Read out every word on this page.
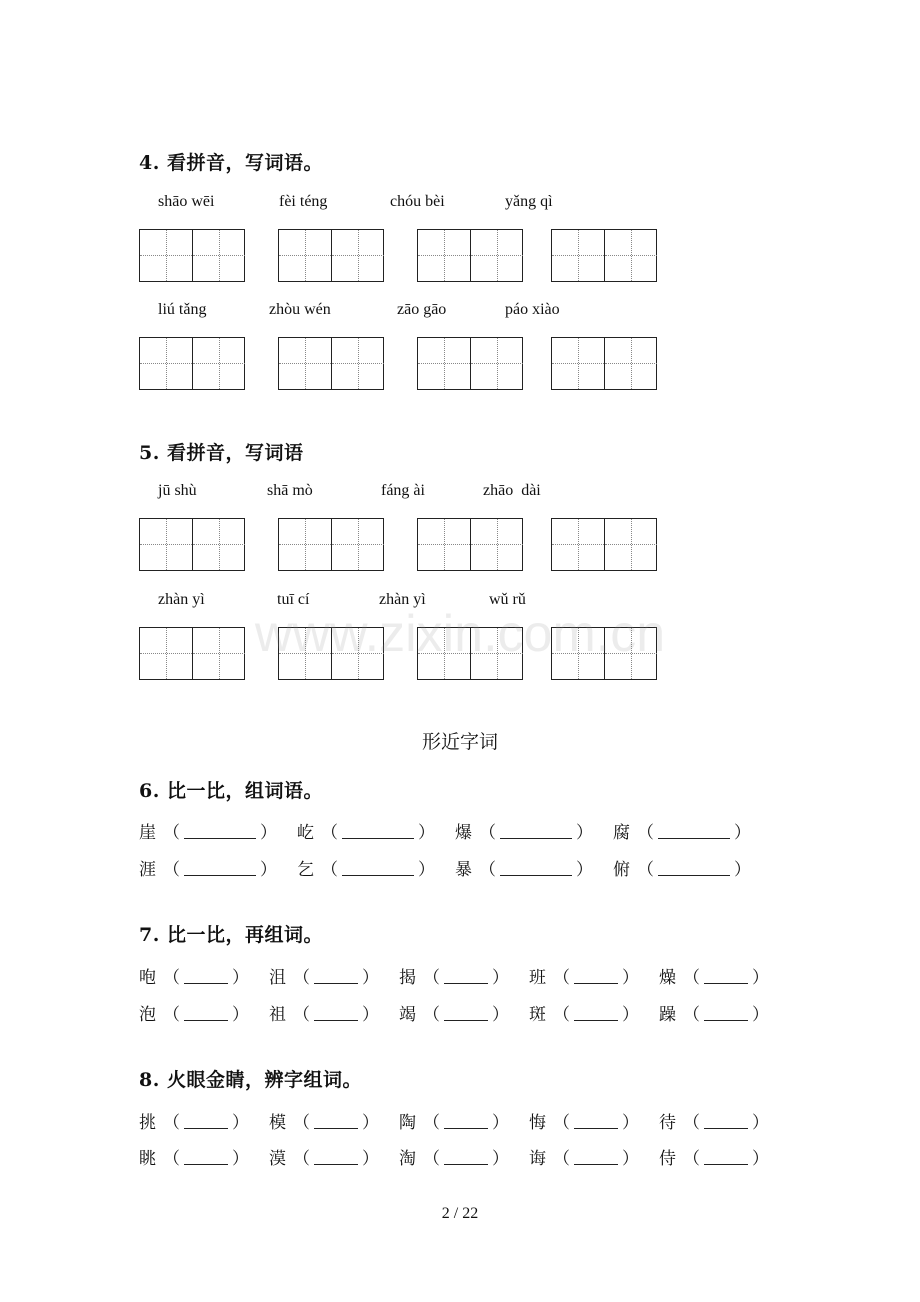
4. 看拼音，写词语。
shāo wēi	fèi téng	chóu bèi	yǎng qì
liú tǎng	zhòu wén	zāo gāo	páo xiào
5. 看拼音，写词语
jū shù	shā mò	fáng ài	zhāo  dài
zhàn yì	tuī cí	zhàn yì	wǔ rǔ
www.zixin.com.cn
形近字词
6. 比一比，组词语。
崖 （	） 屹 （	） 爆 （	） 腐 （	）
涯 （	） 乞 （	） 暴 （	） 俯 （	）
7. 比一比，再组词。
咆 （	） 沮 （	） 揭 （	） 班 （	） 燥 （	）
泡 （	） 祖 （	） 竭 （	） 斑 （	） 躁 （	）
8. 火眼金睛，辨字组词。
挑 （	） 模 （	） 陶 （	） 悔 （	） 待 （	）
眺 （	） 漠 （	） 淘 （	） 诲 （	） 侍 （	）
2 / 22
